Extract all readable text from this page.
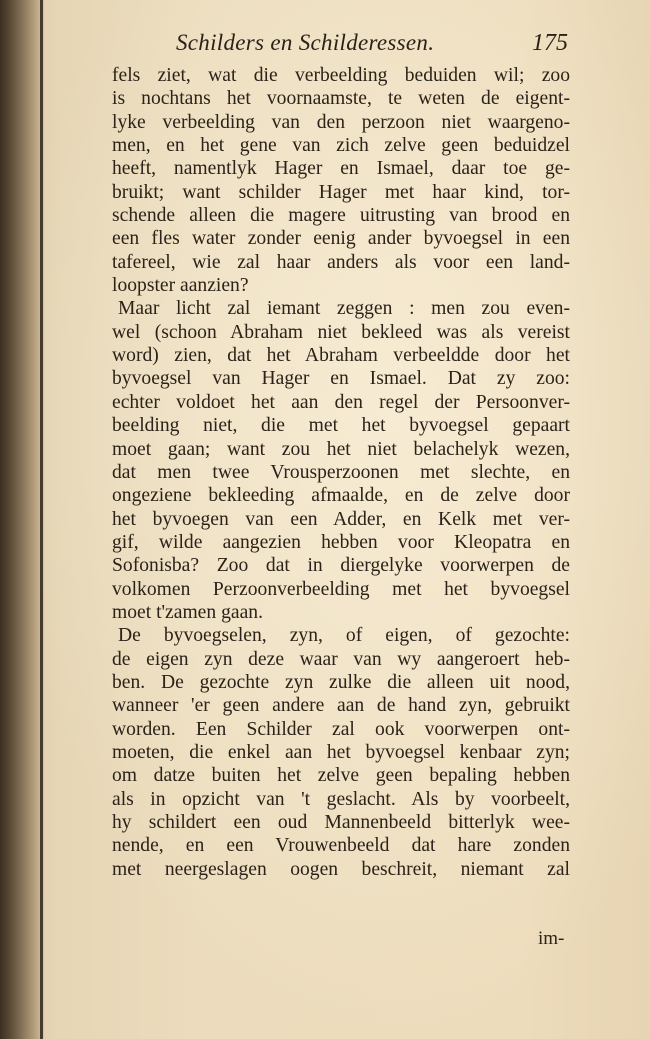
Schilders en Schilderessen.	175
fels ziet, wat die verbeelding beduiden wil; zoo
is nochtans het voornaamste, te weten de eigent-
lyke verbeelding van den perzoon niet waargeno-
men, en het gene van zich zelve geen beduidzel
heeft, namentlyk Hager en Ismael, daar toe ge-
bruikt; want schilder Hager met haar kind, tor-
schende alleen die magere uitrusting van brood en
een fles water zonder eenig ander byvoegsel in een
tafereel, wie zal haar anders als voor een land-
loopster aanzien?
Maar licht zal iemant zeggen : men zou even-
wel (schoon Abraham niet bekleed was als vereist
word) zien, dat het Abraham verbeeldde door het
byvoegsel van Hager en Ismael. Dat zy zoo:
echter voldoet het aan den regel der Persoonver-
beelding niet, die met het byvoegsel gepaart
moet gaan; want zou het niet belachelyk wezen,
dat men twee Vrousperzoonen met slechte, en
ongeziene bekleeding afmaalde, en de zelve door
het byvoegen van een Adder, en Kelk met ver-
gif, wilde aangezien hebben voor Kleopatra en
Sofonisba? Zoo dat in diergelyke voorwerpen de
volkomen Perzoonverbeelding met het byvoegsel
moet t'zamen gaan.
De byvoegselen, zyn, of eigen, of gezochte:
de eigen zyn deze waar van wy aangeroert heb-
ben. De gezochte zyn zulke die alleen uit nood,
wanneer 'er geen andere aan de hand zyn, gebruikt
worden. Een Schilder zal ook voorwerpen ont-
moeten, die enkel aan het byvoegsel kenbaar zyn;
om datze buiten het zelve geen bepaling hebben
als in opzicht van 't geslacht. Als by voorbeelt,
hy schildert een oud Mannenbeeld bitterlyk wee-
nende, en een Vrouwenbeeld dat hare zonden
met neergeslagen oogen beschreit, niemant zal
im-
